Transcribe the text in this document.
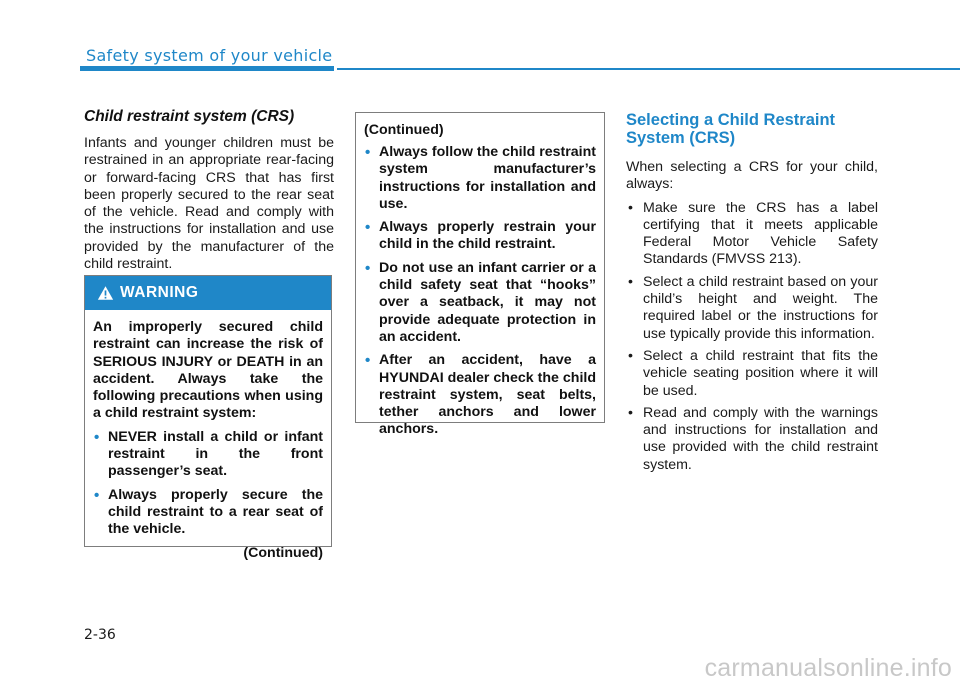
Safety system of your vehicle

Child restraint system (CRS)

Infants and younger children must be restrained in an appropriate rear-facing or forward-facing CRS that has first been properly secured to the rear seat of the vehicle. Read and comply with the instructions for installation and use provided by the manufacturer of the child restraint.

WARNING

An improperly secured child restraint can increase the risk of SERIOUS INJURY or DEATH in an accident. Always take the following precautions when using a child restraint system:

• NEVER install a child or infant restraint in the front passenger’s seat.
• Always properly secure the child restraint to a rear seat of the vehicle.
(Continued)

(Continued)

• Always follow the child restraint system manufacturer’s instructions for installation and use.
• Always properly restrain your child in the child restraint.
• Do not use an infant carrier or a child safety seat that “hooks” over a seatback, it may not provide adequate protection in an accident.
• After an accident, have a HYUNDAI dealer check the child restraint system, seat belts, tether anchors and lower anchors.

Selecting a Child Restraint System (CRS)

When selecting a CRS for your child, always:

• Make sure the CRS has a label certifying that it meets applicable Federal Motor Vehicle Safety Standards (FMVSS 213).
• Select a child restraint based on your child’s height and weight. The required label or the instructions for use typically provide this information.
• Select a child restraint that fits the vehicle seating position where it will be used.
• Read and comply with the warnings and instructions for installation and use provided with the child restraint system.
2-36
carmanualsonline.info
